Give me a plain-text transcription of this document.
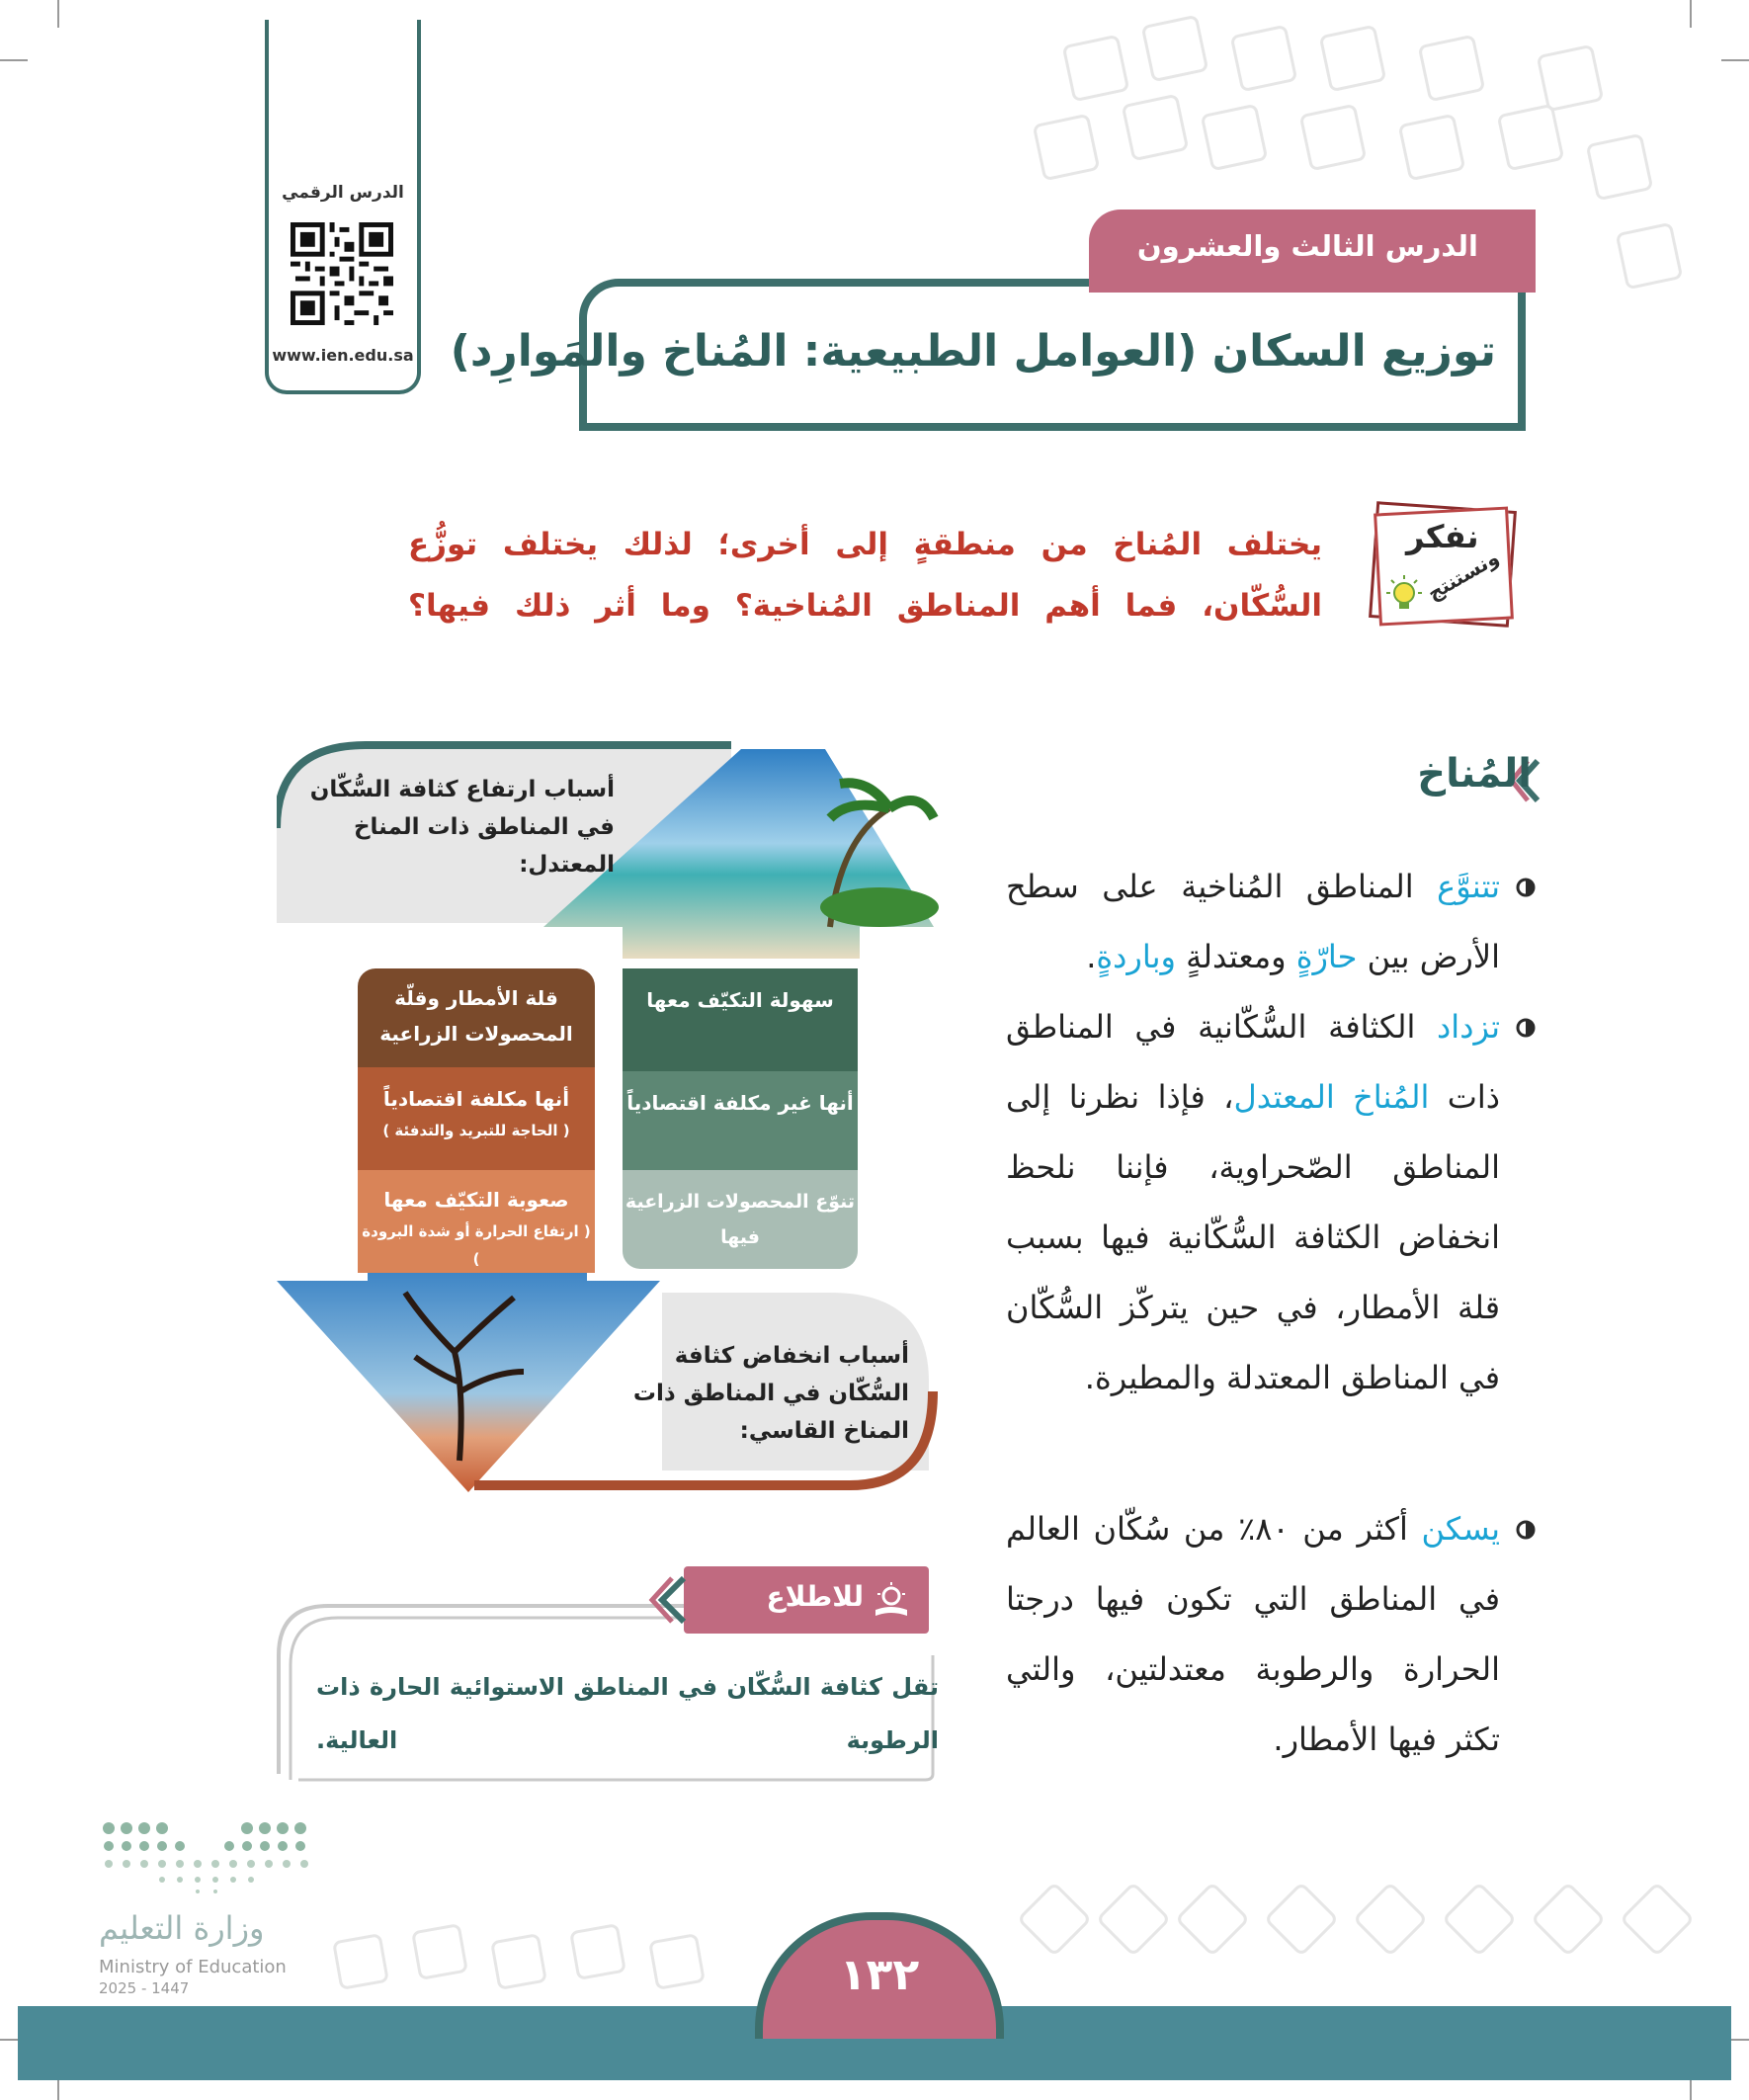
الدرس الرقمي
www.ien.edu.sa توزيع السكان (العوامل الطبيعية: المُناخ والمَوارِد)
الدرس الثالث والعشرون
نفكر
ونستنتج
يختلف المُناخ من منطقةٍ إلى أخرى؛ لذلك يختلف توزُّع السُّكّان، فما أهم المناطق المُناخية؟ وما أثر ذلك فيها؟
المُناخ
تتنوَّع المناطق المُناخية على سطح الأرض بين حارّةٍ ومعتدلةٍ وباردةٍ.
تزداد الكثافة السُّكّانية في المناطق ذات المُناخ المعتدل، فإذا نظرنا إلى المناطق الصّحراوية، فإننا نلحظ انخفاض الكثافة السُّكّانية فيها بسبب قلة الأمطار، في حين يتركّز السُّكّان في المناطق المعتدلة والمطيرة.
يسكن أكثر من ٨٠٪ من سُكّان العالم في المناطق التي تكون فيها درجتا الحرارة والرطوبة معتدلتين، والتي تكثر فيها الأمطار.
أسباب ارتفاع كثافة السُّكّان في المناطق ذات المناخ المعتدل:
أسباب انخفاض كثافة السُّكّان في المناطق ذات المناخ القاسي:
سهولة التكيّف معها
أنها غير مكلفة اقتصادياً
تنوّع المحصولات الزراعية فيها
قلة الأمطار وقلّة المحصولات الزراعية
أنها مكلفة اقتصادياً
( الحاجة للتبريد والتدفئة )
صعوبة التكيّف معها
( ارتفاع الحرارة أو شدة البرودة )
للاطلاع
تقل كثافة السُّكّان في المناطق الاستوائية الحارة ذات الرطوبة العالية.
وزارة التعليم
Ministry of Education
2025 - 1447	١٣٢
